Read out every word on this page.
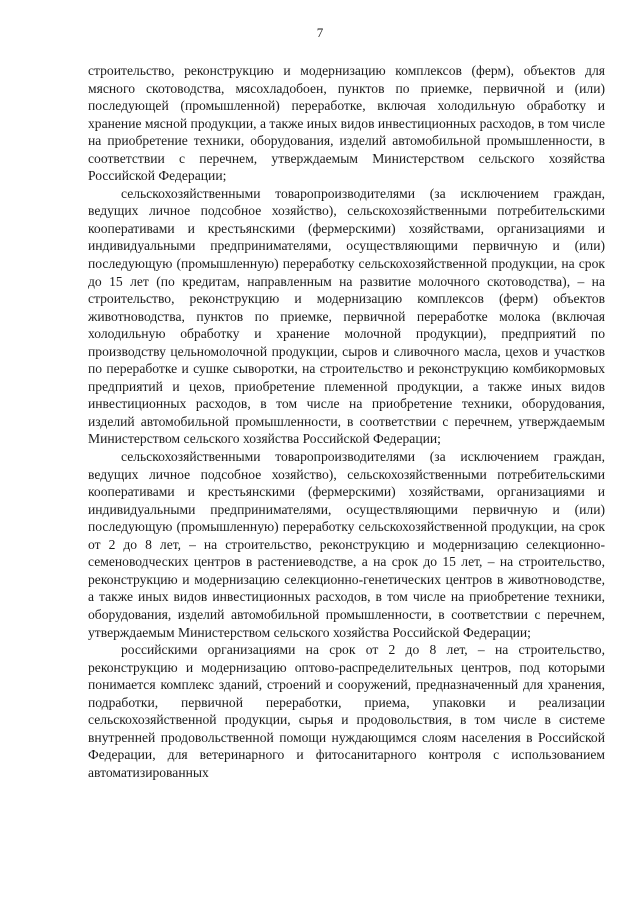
7

строительство, реконструкцию и модернизацию комплексов (ферм), объектов для мясного скотоводства, мясохладобоен, пунктов по приемке, первичной и (или) последующей (промышленной) переработке, включая холодильную обработку и хранение мясной продукции, а также иных видов инвестиционных расходов, в том числе на приобретение техники, оборудования, изделий автомобильной промышленности, в соответствии с перечнем, утверждаемым Министерством сельского хозяйства Российской Федерации;

сельскохозяйственными товаропроизводителями (за исключением граждан, ведущих личное подсобное хозяйство), сельскохозяйственными потребительскими кооперативами и крестьянскими (фермерскими) хозяйствами, организациями и индивидуальными предпринимателями, осуществляющими первичную и (или) последующую (промышленную) переработку сельскохозяйственной продукции, на срок до 15 лет (по кредитам, направленным на развитие молочного скотоводства), – на строительство, реконструкцию и модернизацию комплексов (ферм) объектов животноводства, пунктов по приемке, первичной переработке молока (включая холодильную обработку и хранение молочной продукции), предприятий по производству цельномолочной продукции, сыров и сливочного масла, цехов и участков по переработке и сушке сыворотки, на строительство и реконструкцию комбикормовых предприятий и цехов, приобретение племенной продукции, а также иных видов инвестиционных расходов, в том числе на приобретение техники, оборудования, изделий автомобильной промышленности, в соответствии с перечнем, утверждаемым Министерством сельского хозяйства Российской Федерации;

сельскохозяйственными товаропроизводителями (за исключением граждан, ведущих личное подсобное хозяйство), сельскохозяйственными потребительскими кооперативами и крестьянскими (фермерскими) хозяйствами, организациями и индивидуальными предпринимателями, осуществляющими первичную и (или) последующую (промышленную) переработку сельскохозяйственной продукции, на срок от 2 до 8 лет, – на строительство, реконструкцию и модернизацию селекционно-семеноводческих центров в растениеводстве, а на срок до 15 лет, – на строительство, реконструкцию и модернизацию селекционно-генетических центров в животноводстве, а также иных видов инвестиционных расходов, в том числе на приобретение техники, оборудования, изделий автомобильной промышленности, в соответствии с перечнем, утверждаемым Министерством сельского хозяйства Российской Федерации;

российскими организациями на срок от 2 до 8 лет, – на строительство, реконструкцию и модернизацию оптово-распределительных центров, под которыми понимается комплекс зданий, строений и сооружений, предназначенный для хранения, подработки, первичной переработки, приема, упаковки и реализации сельскохозяйственной продукции, сырья и продовольствия, в том числе в системе внутренней продовольственной помощи нуждающимся слоям населения в Российской Федерации, для ветеринарного и фитосанитарного контроля с использованием автоматизированных
